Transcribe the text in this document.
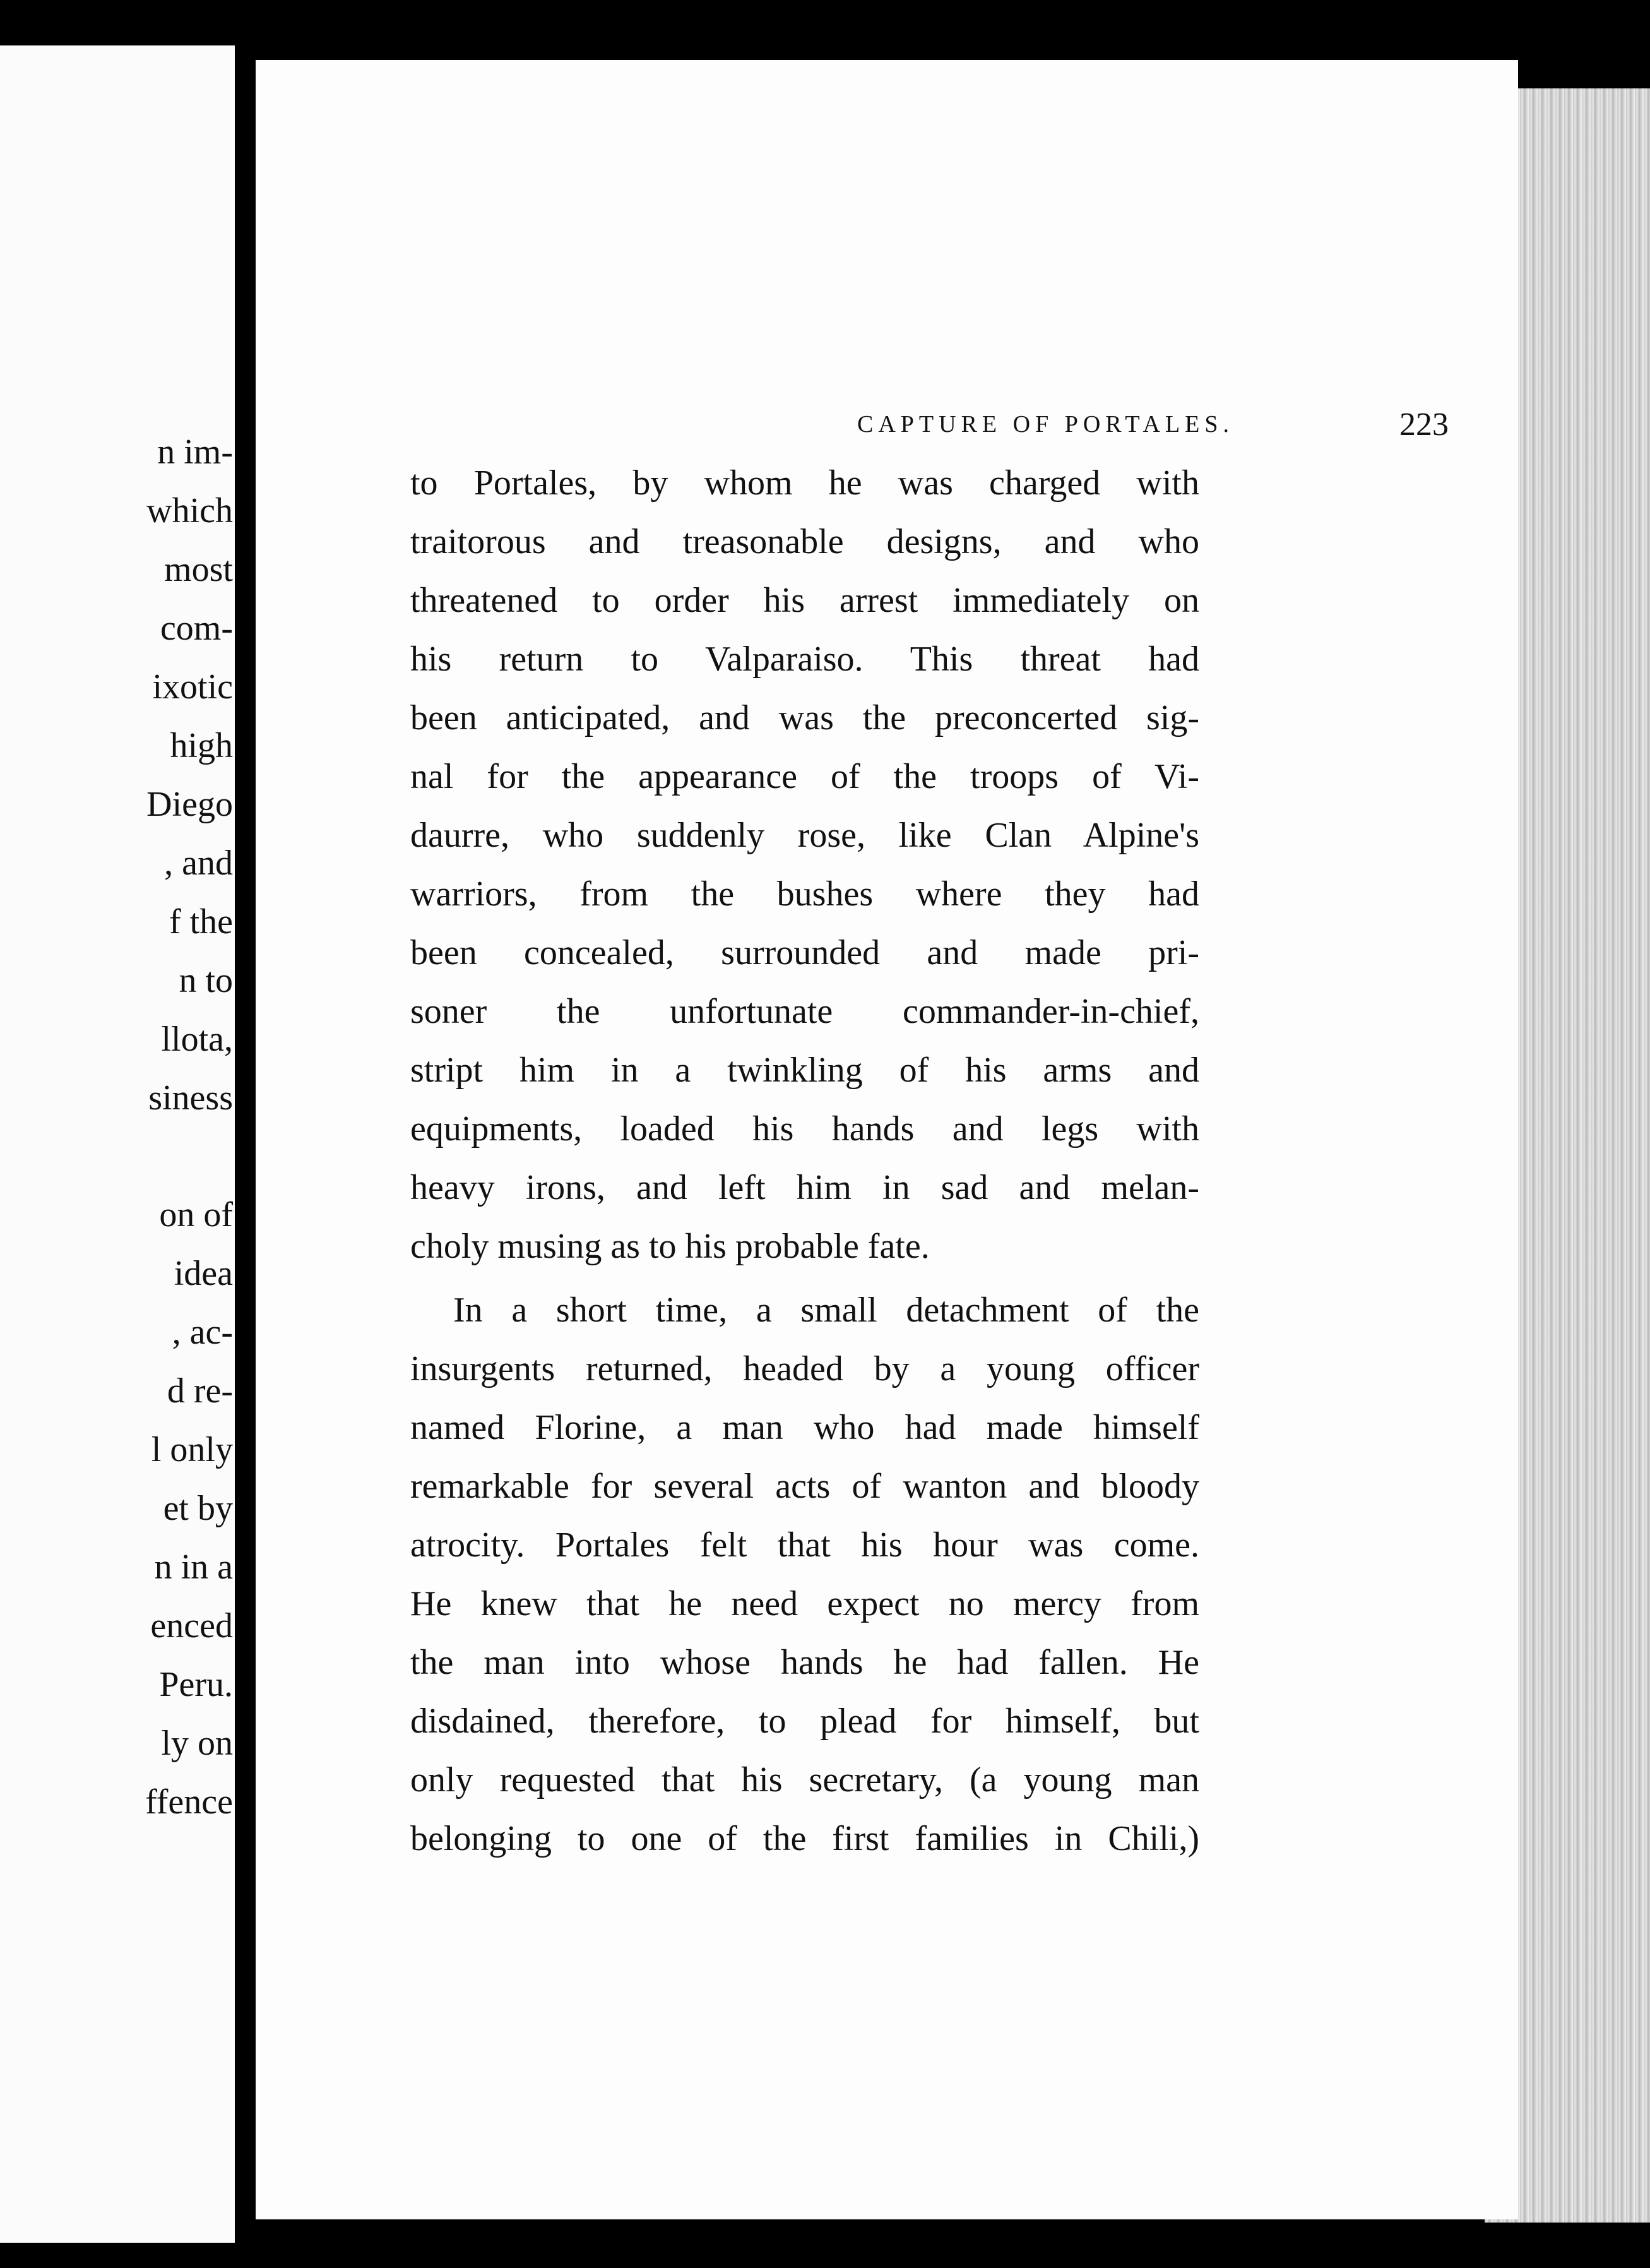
n im-
which
most
com-
ixotic
high
Diego
, and
f the
n to
llota,
siness
on of
idea
, ac-
d re-
l only
et by
n in a
enced
Peru.
ly on
ffence
CAPTURE OF PORTALES.	223
to Portales, by whom he was charged with
traitorous and treasonable designs, and who
threatened to order his arrest immediately on
his return to Valparaiso. This threat had
been anticipated, and was the preconcerted sig-
nal for the appearance of the troops of Vi-
daurre, who suddenly rose, like Clan Alpine's
warriors, from the bushes where they had
been concealed, surrounded and made pri-
soner the unfortunate commander-in-chief,
stript him in a twinkling of his arms and
equipments, loaded his hands and legs with
heavy irons, and left him in sad and melan-
choly musing as to his probable fate.
In a short time, a small detachment of the
insurgents returned, headed by a young officer
named Florine, a man who had made himself
remarkable for several acts of wanton and bloody
atrocity. Portales felt that his hour was come.
He knew that he need expect no mercy from
the man into whose hands he had fallen. He
disdained, therefore, to plead for himself, but
only requested that his secretary, (a young man
belonging to one of the first families in Chili,)
